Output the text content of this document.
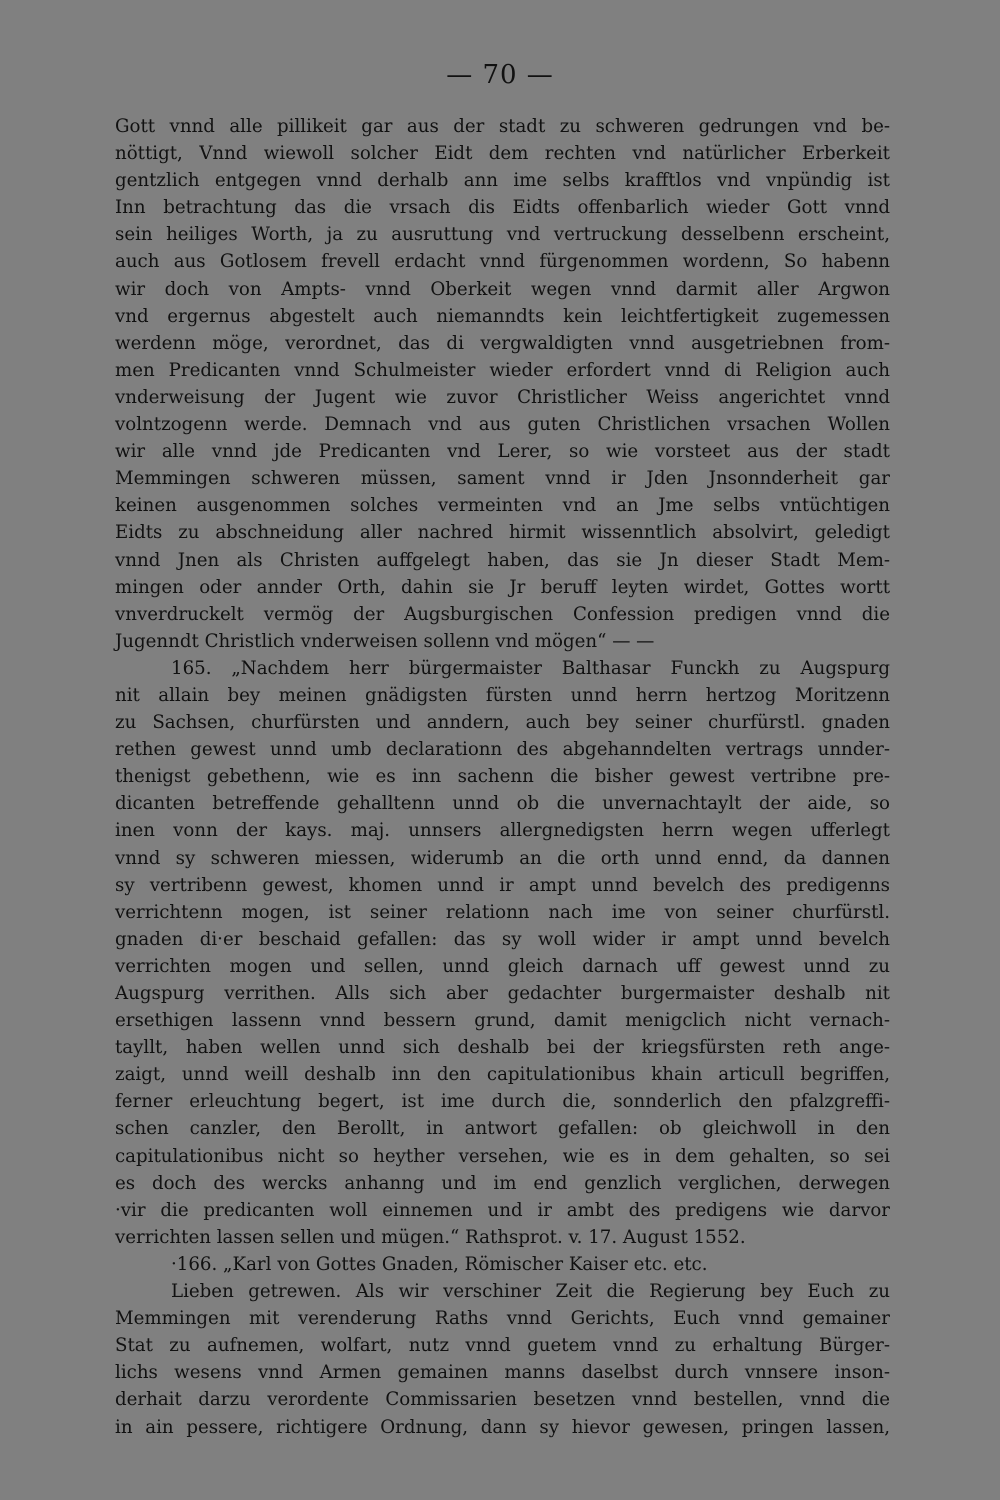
— 70 —
Gott vnnd alle pillikeit gar aus der stadt zu schweren gedrungen vnd be-
nöttigt, Vnnd wiewoll solcher Eidt dem rechten vnd natürlicher Erberkeit
gentzlich entgegen vnnd derhalb ann ime selbs krafftlos vnd vnpündig ist
Inn betrachtung das die vrsach dis Eidts offenbarlich wieder Gott vnnd
sein heiliges Worth, ja zu ausruttung vnd vertruckung desselbenn erscheint,
auch aus Gotlosem frevell erdacht vnnd fürgenommen wordenn, So habenn
wir doch von Ampts- vnnd Oberkeit wegen vnnd darmit aller Argwon
vnd ergernus abgestelt auch niemanndts kein leichtfertigkeit zugemessen
werdenn möge, verordnet, das di vergwaldigten vnnd ausgetriebnen from-
men Predicanten vnnd Schulmeister wieder erfordert vnnd di Religion auch
vnderweisung der Jugent wie zuvor Christlicher Weiss angerichtet vnnd
volntzogenn werde. Demnach vnd aus guten Christlichen vrsachen Wollen
wir alle vnnd jde Predicanten vnd Lerer, so wie vorsteet aus der stadt
Memmingen schweren müssen, sament vnnd ir Jden Jnsonnderheit gar
keinen ausgenommen solches vermeinten vnd an Jme selbs vntüchtigen
Eidts zu abschneidung aller nachred hirmit wissenntlich absolvirt, geledigt
vnnd Jnen als Christen auffgelegt haben, das sie Jn dieser Stadt Mem-
mingen oder annder Orth, dahin sie Jr beruff leyten wirdet, Gottes wortt
vnverdruckelt vermög der Augsburgischen Confession predigen vnnd die
Jugenndt Christlich vnderweisen sollenn vnd mögen“ — —
165. „Nachdem herr bürgermaister Balthasar Funckh zu Augspurg
nit allain bey meinen gnädigsten fürsten unnd herrn hertzog Moritzenn
zu Sachsen, churfürsten und anndern, auch bey seiner churfürstl. gnaden
rethen gewest unnd umb declarationn des abgehanndelten vertrags unnder-
thenigst gebethenn, wie es inn sachenn die bisher gewest vertribne pre-
dicanten betreffende gehalltenn unnd ob die unvernachtaylt der aide, so
inen vonn der kays. maj. unnsers allergnedigsten herrn wegen ufferlegt
vnnd sy schweren miessen, widerumb an die orth unnd ennd, da dannen
sy vertribenn gewest, khomen unnd ir ampt unnd bevelch des predigenns
verrichtenn mogen, ist seiner relationn nach ime von seiner churfürstl.
gnaden di·er beschaid gefallen: das sy woll wider ir ampt unnd bevelch
verrichten mogen und sellen, unnd gleich darnach uff gewest unnd zu
Augspurg verrithen. Alls sich aber gedachter burgermaister deshalb nit
ersethigen lassenn vnnd bessern grund, damit menigclich nicht vernach-
tayllt, haben wellen unnd sich deshalb bei der kriegsfürsten reth ange-
zaigt, unnd weill deshalb inn den capitulationibus khain articull begriffen,
ferner erleuchtung begert, ist ime durch die, sonnderlich den pfalzgreffi-
schen canzler, den Berollt, in antwort gefallen: ob gleichwoll in den
capitulationibus nicht so heyther versehen, wie es in dem gehalten, so sei
es doch des wercks anhanng und im end genzlich verglichen, derwegen
·vir die predicanten woll einnemen und ir ambt des predigens wie darvor
verrichten lassen sellen und mügen.“ Rathsprot. v. 17. August 1552.
·166. „Karl von Gottes Gnaden, Römischer Kaiser etc. etc.
Lieben getrewen. Als wir verschiner Zeit die Regierung bey Euch zu
Memmingen mit verenderung Raths vnnd Gerichts, Euch vnnd gemainer
Stat zu aufnemen, wolfart, nutz vnnd guetem vnnd zu erhaltung Bürger-
lichs wesens vnnd Armen gemainen manns daselbst durch vnnsere inson-
derhait darzu verordente Commissarien besetzen vnnd bestellen, vnnd die
in ain pessere, richtigere Ordnung, dann sy hievor gewesen, pringen lassen,
